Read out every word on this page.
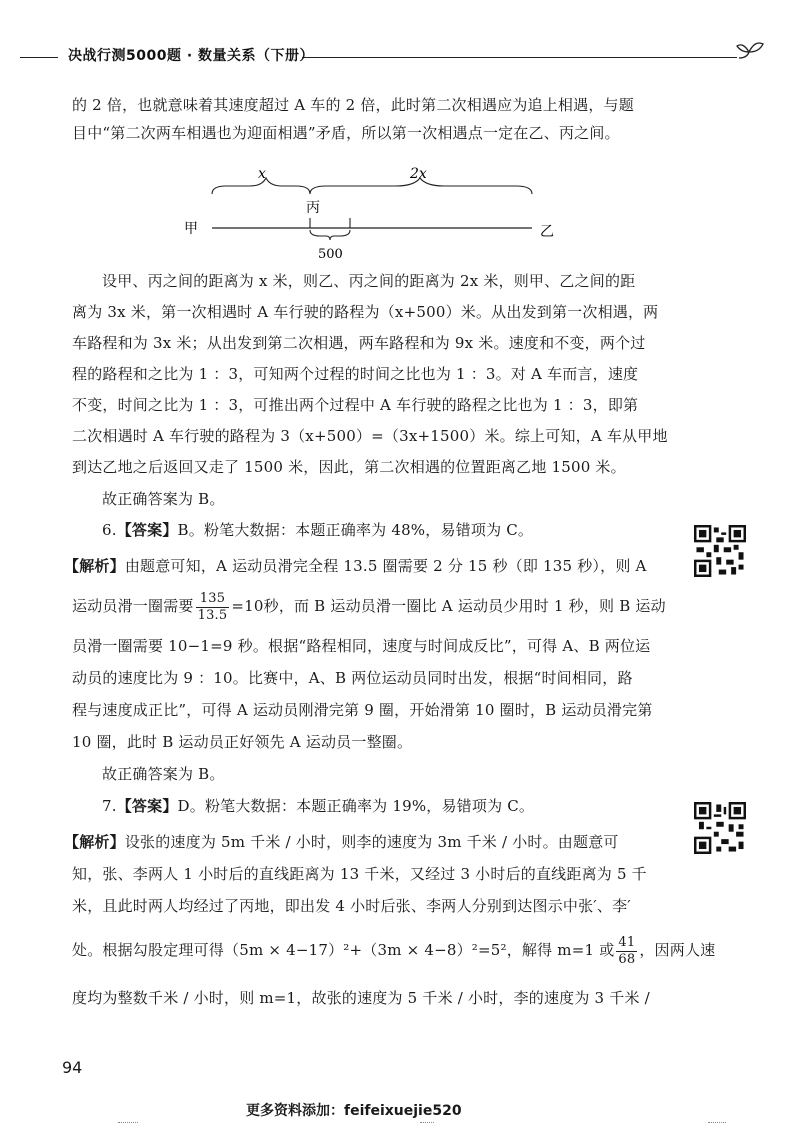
决战行测5000题 · 数量关系（下册）
的 2 倍，也就意味着其速度超过 A 车的 2 倍，此时第二次相遇应为追上相遇，与题
目中“第二次两车相遇也为迎面相遇”矛盾，所以第一次相遇点一定在乙、丙之间。
x	2x
丙
甲	乙
500
设甲、丙之间的距离为 x 米，则乙、丙之间的距离为 2x 米，则甲、乙之间的距
离为 3x 米，第一次相遇时 A 车行驶的路程为（x+500）米。从出发到第一次相遇，两
车路程和为 3x 米；从出发到第二次相遇，两车路程和为 9x 米。速度和不变，两个过
程的路程和之比为 1 ：3，可知两个过程的时间之比也为 1 ：3。对 A 车而言，速度
不变，时间之比为 1 ：3，可推出两个过程中 A 车行驶的路程之比也为 1 ：3，即第
二次相遇时 A 车行驶的路程为 3（x+500）=（3x+1500）米。综上可知，A 车从甲地
到达乙地之后返回又走了 1500 米，因此，第二次相遇的位置距离乙地 1500 米。
故正确答案为 B。
6.【答案】B。粉笔大数据：本题正确率为 48%，易错项为 C。
【解析】由题意可知，A 运动员滑完全程 13.5 圈需要 2 分 15 秒（即 135 秒），则 A
运动员滑一圈需要 $\frac{135}{13.5} =10$秒，而 B 运动员滑一圈比 A 运动员少用时 1 秒，则 B 运动
员滑一圈需要 10−1=9 秒。根据“路程相同，速度与时间成反比”，可得 A、B 两位运
动员的速度比为 9 ：10。比赛中，A、B 两位运动员同时出发，根据“时间相同，路
程与速度成正比”，可得 A 运动员刚滑完第 9 圈，开始滑第 10 圈时，B 运动员滑完第
10 圈，此时 B 运动员正好领先 A 运动员一整圈。
故正确答案为 B。
7.【答案】D。粉笔大数据：本题正确率为 19%，易错项为 C。
【解析】设张的速度为 5m 千米 / 小时，则李的速度为 3m 千米 / 小时。由题意可
知，张、李两人 1 小时后的直线距离为 13 千米，又经过 3 小时后的直线距离为 5 千
米，且此时两人均经过了丙地，即出发 4 小时后张、李两人分别到达图示中张′、李′
处。根据勾股定理可得（5m × 4−17）²+（3m × 4−8）²=5²，解得 m=1 或 $\frac{41}{68}$ ，因两人速
度均为整数千米 / 小时，则 m=1，故张的速度为 5 千米 / 小时，李的速度为 3 千米 /
94
更多资料添加：feifeixuejie520
